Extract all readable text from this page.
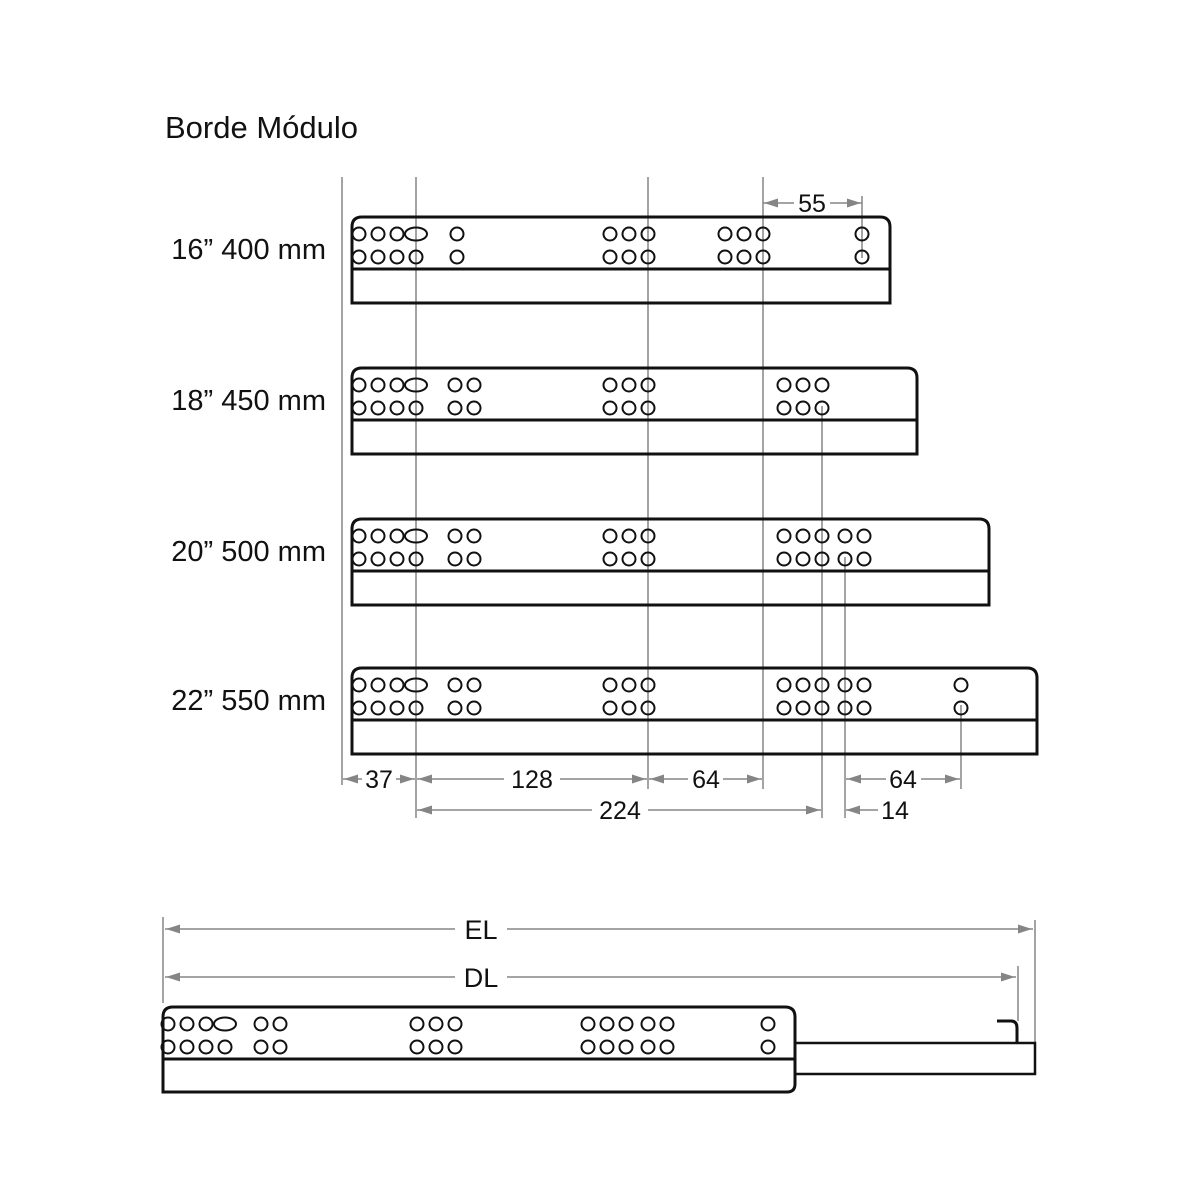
Borde Módulo
16” 400 mm
18” 450 mm
20” 500 mm
22” 550 mm
55
37	128	64	64
224	14
EL
DL
